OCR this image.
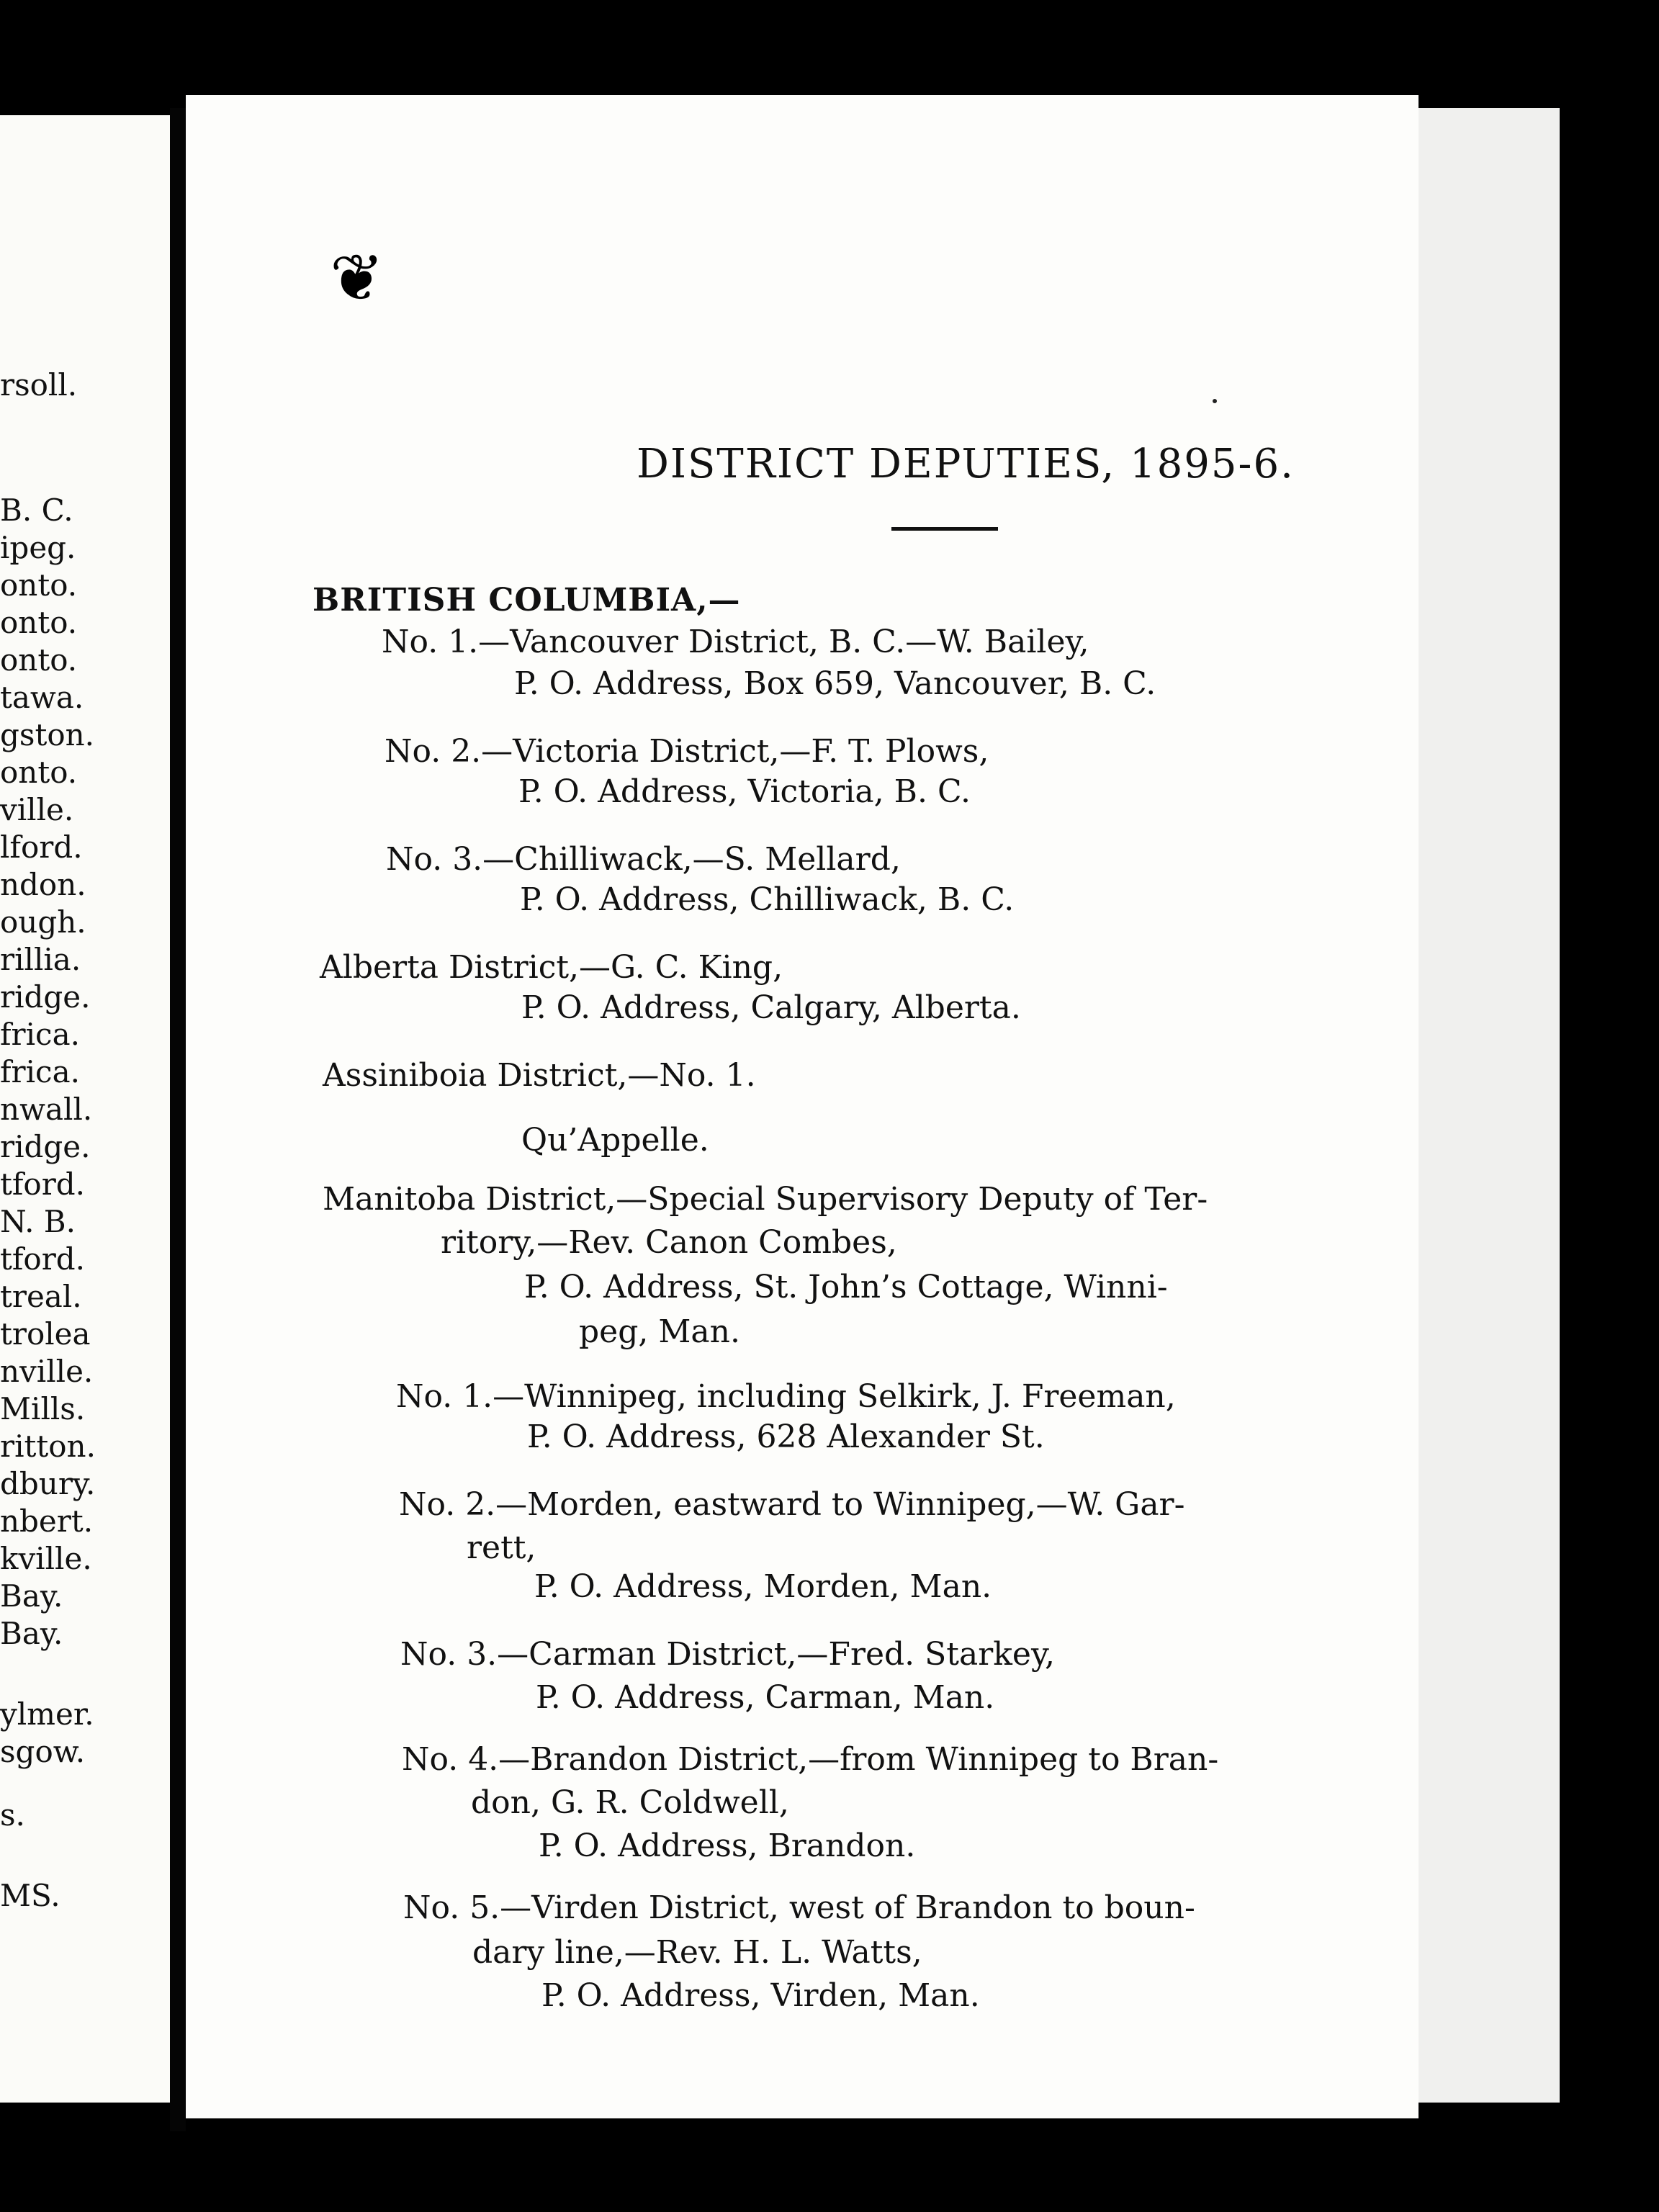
rsoll.
B. C.
ipeg.
onto.
onto.
onto.
tawa.
gston.
onto.
ville.
lford.
ndon.
ough.
rillia.
ridge.
frica.
frica.
nwall.
ridge.
tford.
N. B.
tford.
treal.
trolea
nville.
Mills.
ritton.
dbury.
nbert.
kville.
Bay.
Bay.
ylmer.
sgow.
s.
MS.
❦
DISTRICT DEPUTIES, 1895-6.
BRITISH COLUMBIA,—
No. 1.—Vancouver District, B. C.—W. Bailey,
P. O. Address, Box 659, Vancouver, B. C.
No. 2.—Victoria District,—F. T. Plows,
P. O. Address, Victoria, B. C.
No. 3.—Chilliwack,—S. Mellard,
P. O. Address, Chilliwack, B. C.
Alberta District,—G. C. King,
P. O. Address, Calgary, Alberta.
Assiniboia District,—No. 1.
Qu’Appelle.
Manitoba District,—Special Supervisory Deputy of Ter-
ritory,—Rev. Canon Combes,
P. O. Address, St. John’s Cottage, Winni-
peg, Man.
No. 1.—Winnipeg, including Selkirk, J. Freeman,
P. O. Address, 628 Alexander St.
No. 2.—Morden, eastward to Winnipeg,—W. Gar-
rett,
P. O. Address, Morden, Man.
No. 3.—Carman District,—Fred. Starkey,
P. O. Address, Carman, Man.
No. 4.—Brandon District,—from Winnipeg to Bran-
don, G. R. Coldwell,
P. O. Address, Brandon.
No. 5.—Virden District, west of Brandon to boun-
dary line,—Rev. H. L. Watts,
P. O. Address, Virden, Man.
